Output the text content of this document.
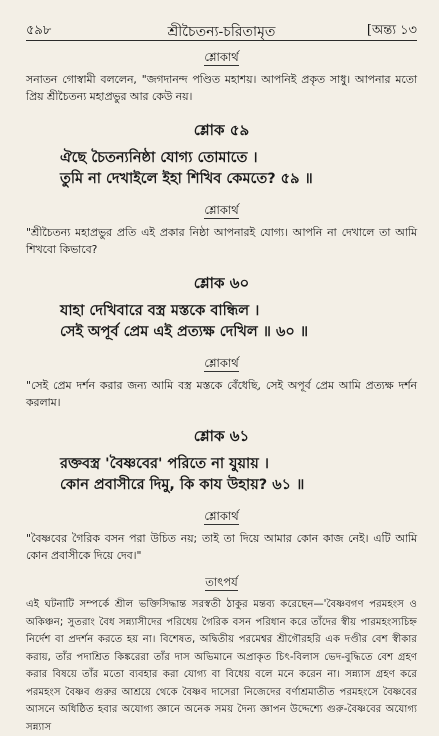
৫৯৮	শ্রীচৈতন্য-চরিতামৃত	[অন্ত্য ১৩
শ্লোকার্থ

সনাতন গোস্বামী বললেন, "জগদানন্দ পণ্ডিত মহাশয়। আপনিই প্রকৃত সাধু। আপনার মতো প্রিয় শ্রীচৈতন্য মহাপ্রভুর আর কেউ নয়।

শ্লোক ৫৯
ঐছে চৈতন্যনিষ্ঠা যোগ্য তোমাতে ।
তুমি না দেখাইলে ইহা শিখিব কেমতে? ৫৯ ॥
শ্লোকার্থ

"শ্রীচৈতন্য মহাপ্রভুর প্রতি এই প্রকার নিষ্ঠা আপনারই যোগ্য। আপনি না দেখালে তা আমি শিখবো কিভাবে?

শ্লোক ৬০
যাহা দেখিবারে বস্ত্র মস্তকে বান্ধিল ।
সেই অপূর্ব প্রেম এই প্রত্যক্ষ দেখিল ॥ ৬০ ॥
শ্লোকার্থ

"সেই প্রেম দর্শন করার জন্য আমি বস্ত্র মস্তকে বেঁধেছি, সেই অপূর্ব প্রেম আমি প্রত্যক্ষ দর্শন করলাম।

শ্লোক ৬১
রক্তবস্ত্র 'বৈষ্ণবের' পরিতে না যুয়ায় ।
কোন প্রবাসীরে দিমু, কি কায উহায়? ৬১ ॥
শ্লোকার্থ

"বৈষ্ণবের গৈরিক বসন পরা উচিত নয়; তাই তা দিয়ে আমার কোন কাজ নেই। এটি আমি কোন প্রবাসীকে দিয়ে দেব।"

তাৎপর্য

এই ঘটনাটি সম্পর্কে শ্রীল ভক্তিসিদ্ধান্ত সরস্বতী ঠাকুর মন্তব্য করেছেন—'বৈষ্ণবগণ পরমহংস ও অকিঞ্চন; সুতরাং বৈধ সন্ন্যাসীদের পরিধেয় গৈরিক বসন পরিধান করে তাঁদের স্বীয় পারমহংস্যচিহ্ন নির্দেশ বা প্রদর্শন করতে হয় না। বিশেষত, অদ্বিতীয় পরমেশ্বর শ্রীগৌরহরি এক দণ্ডীর বেশ স্বীকার করায়, তাঁর পদাশ্রিত কিঙ্করেরা তাঁর দাস অভিমানে অপ্রাকৃত চিৎ-বিলাস ভেদ-বুদ্ধিতে বেশ গ্রহণ করার বিষয়ে তাঁর মতো ব্যবহার করা যোগ্য বা বিধেয় বলে মনে করেন না। সন্ন্যাস গ্রহণ করে পরমহংস বৈষ্ণব গুরুর আশ্রয়ে থেকে বৈষ্ণব দাসেরা নিজেদের বর্ণাশ্রমাতীত পরমহংসে বৈষ্ণবের আসনে অধিষ্ঠিত হবার অযোগ্য জ্ঞানে অনেক সময় দৈন্য জ্ঞাপন উদ্দেশ্যে গুরু-বৈষ্ণবের অযোগ্য সন্ন্যাস
